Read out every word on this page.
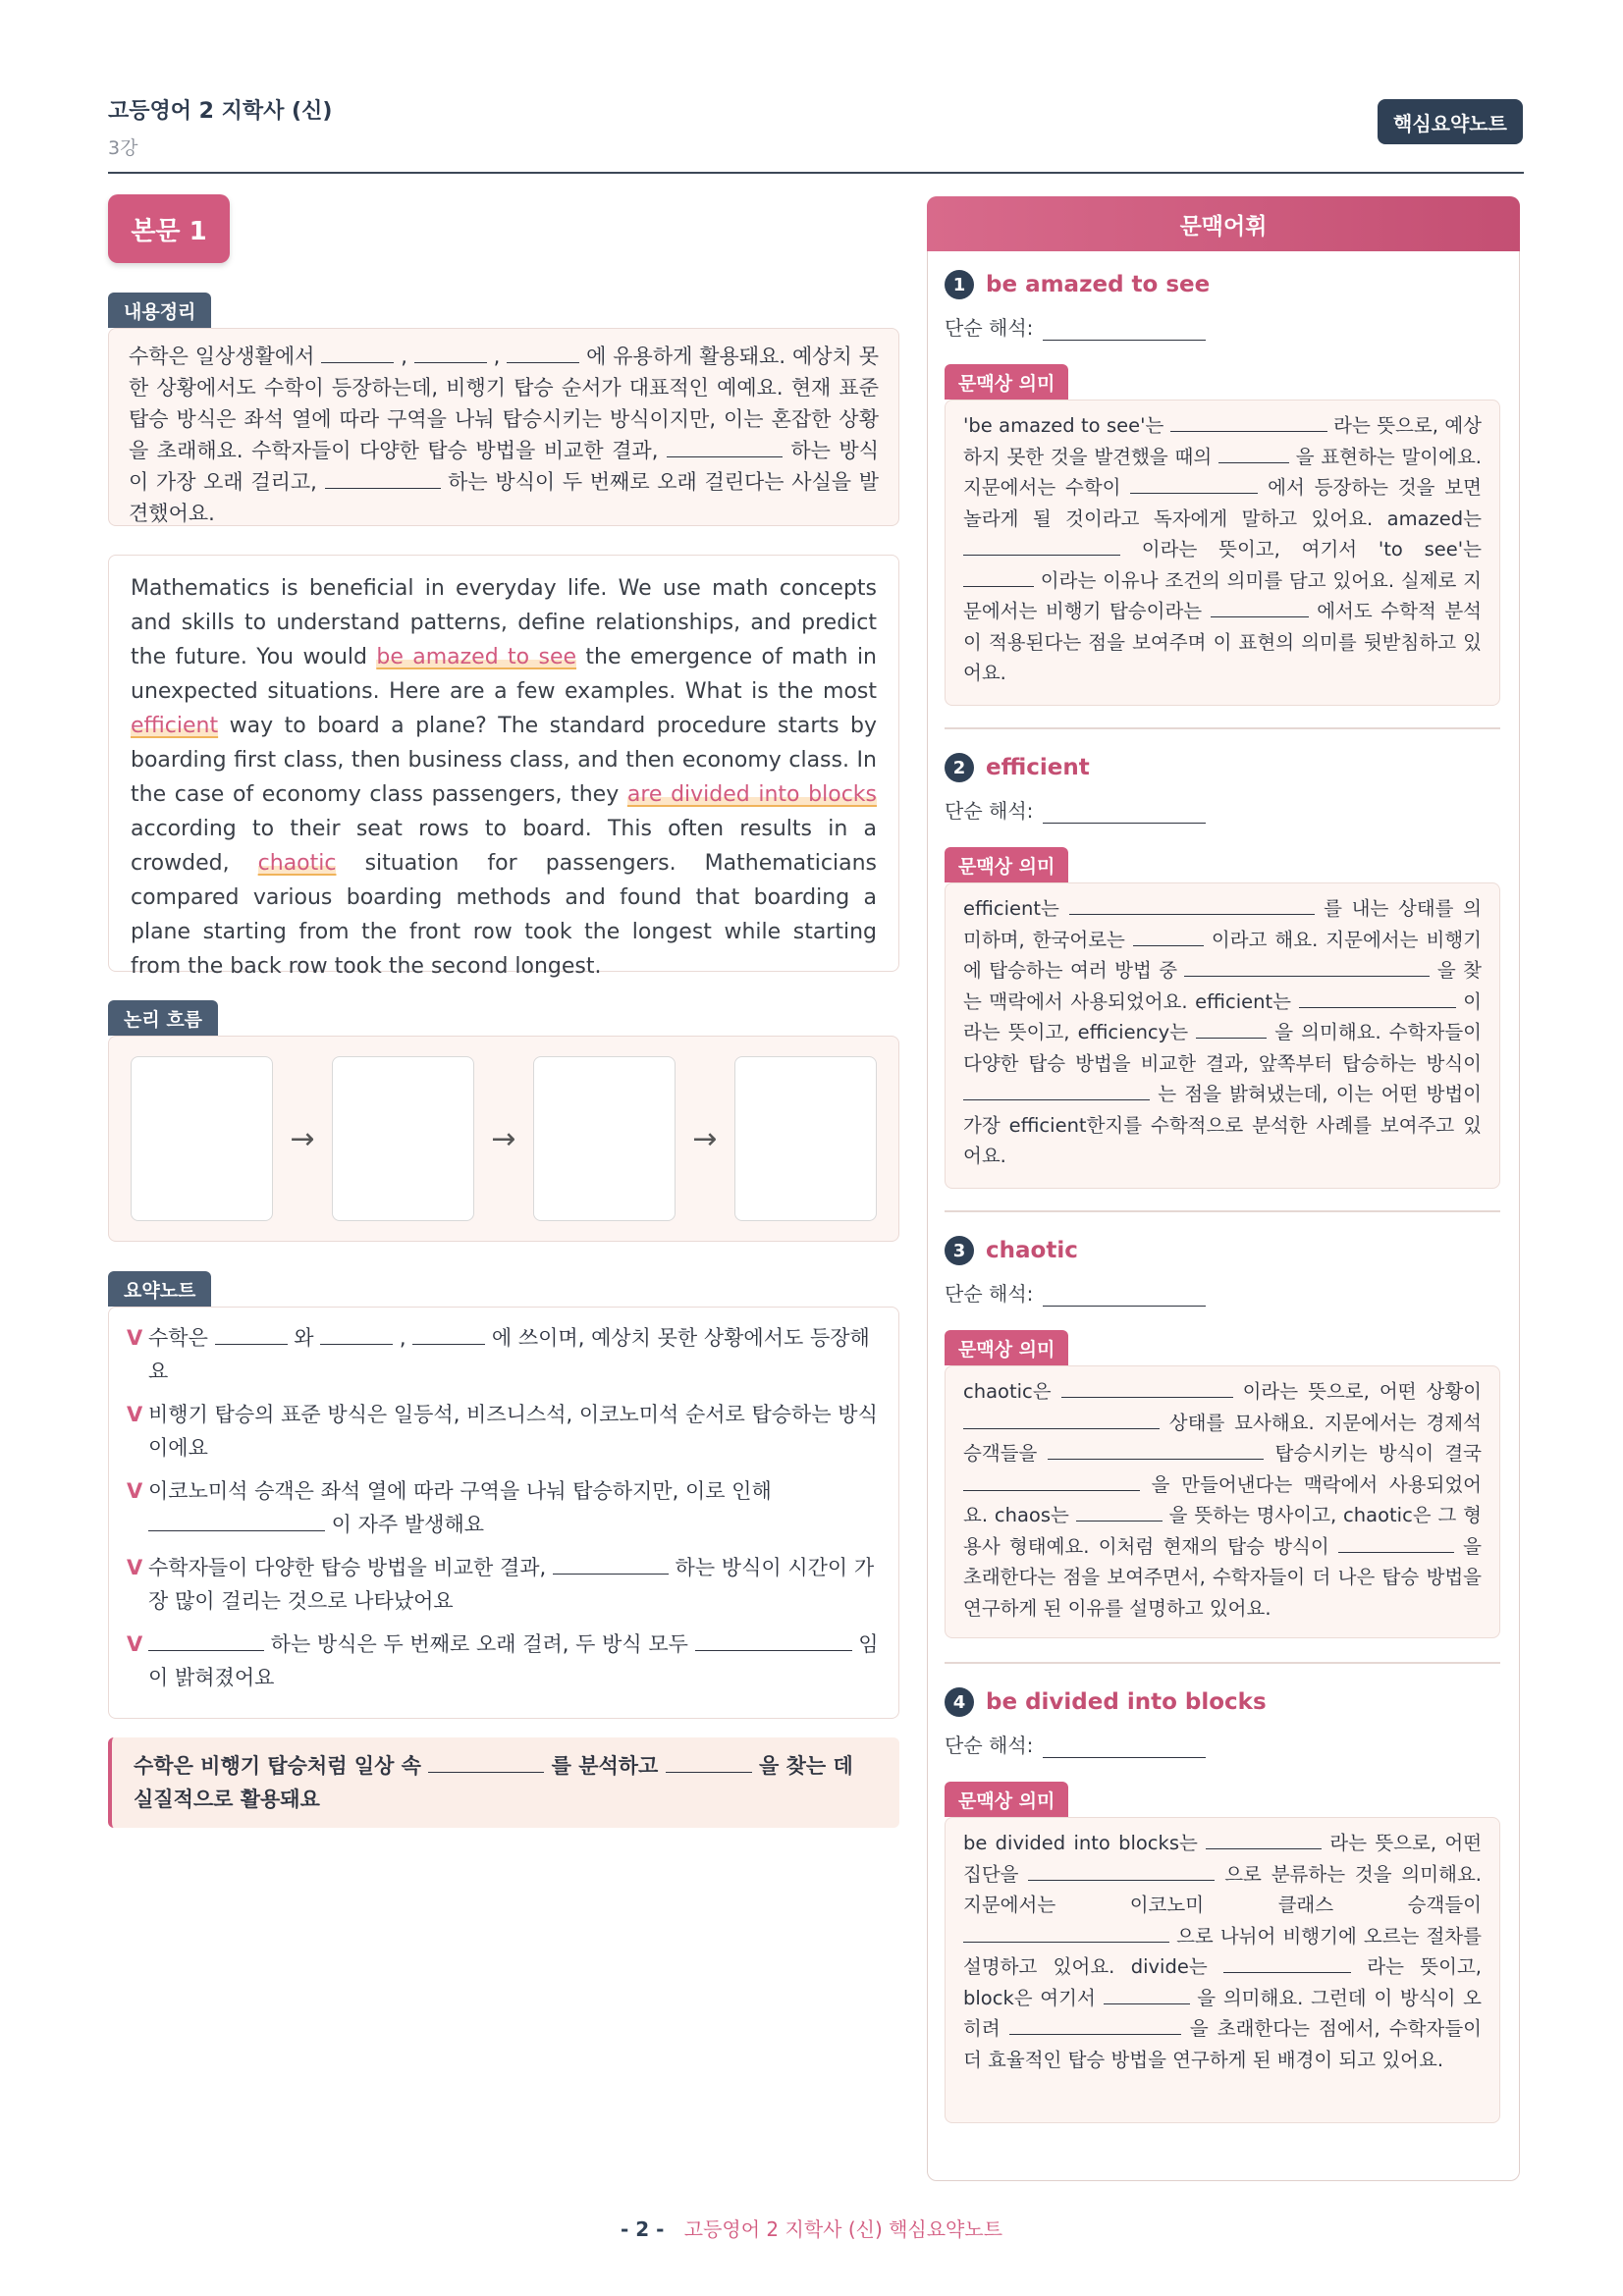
고등영어 2 지학사 (신)
3강
핵심요약노트
본문 1
내용정리
수학은 일상생활에서	,	,	에 유용하게 활용돼요. 예상치 못한 상황에서도 수학이 등장하는데, 비행기 탑승 순서가 대표적인 예예요. 현재 표준 탑승 방식은 좌석 열에 따라 구역을 나눠 탑승시키는 방식이지만, 이는 혼잡한 상황을 초래해요. 수학자들이 다양한 탑승 방법을 비교한 결과,	하는 방식이 가장 오래 걸리고,	하는 방식이 두 번째로 오래 걸린다는 사실을 발견했어요.
Mathematics is beneficial in everyday life. We use math concepts and skills to understand patterns, define relationships, and predict the future. You would be amazed to see the emergence of math in unexpected situations. Here are a few examples. What is the most efficient way to board a plane? The standard procedure starts by boarding first class, then business class, and then economy class. In the case of economy class passengers, they are divided into blocks according to their seat rows to board. This often results in a crowded, chaotic situation for passengers. Mathematicians compared various boarding methods and found that boarding a plane starting from the front row took the longest while starting from the back row took the second longest.
논리 흐름
→	→	→
요약노트
V 수학은	와	,	에 쓰이며, 예상치 못한 상황에서도 등장해요
V 비행기 탑승의 표준 방식은 일등석, 비즈니스석, 이코노미석 순서로 탑승하는 방식이에요
V 이코노미석 승객은 좌석 열에 따라 구역을 나눠 탑승하지만, 이로 인해  이 자주 발생해요
V 수학자들이 다양한 탑승 방법을 비교한 결과,	하는 방식이 시간이 가장 많이 걸리는 것으로 나타났어요
V	하는 방식은 두 번째로 오래 걸려, 두 방식 모두	임이 밝혀졌어요
수학은 비행기 탑승처럼 일상 속	를 분석하고	을 찾는 데 실질적으로 활용돼요
문맥어휘
1 be amazed to see
단순 해석:
문맥상 의미
'be amazed to see'는	라는 뜻으로, 예상하지 못한 것을 발견했을 때의	을 표현하는 말이에요. 지문에서는 수학이	에서 등장하는 것을 보면 놀라게 될 것이라고 독자에게 말하고 있어요. amazed는  이라는 뜻이고, 여기서 'to see'는  이라는 이유나 조건의 의미를 담고 있어요. 실제로 지문에서는 비행기 탑승이라는	에서도 수학적 분석이 적용된다는 점을 보여주며 이 표현의 의미를 뒷받침하고 있어요.
2 efficient
단순 해석:
문맥상 의미
efficient는	를 내는 상태를 의미하며, 한국어로는	이라고 해요. 지문에서는 비행기에 탑승하는 여러 방법 중	을 찾는 맥락에서 사용되었어요. efficient는	이라는 뜻이고, efficiency는	을 의미해요. 수학자들이 다양한 탑승 방법을 비교한 결과, 앞쪽부터 탑승하는 방식이  는 점을 밝혀냈는데, 이는 어떤 방법이 가장 efficient한지를 수학적으로 분석한 사례를 보여주고 있어요.
3 chaotic
단순 해석:
문맥상 의미
chaotic은	이라는 뜻으로, 어떤 상황이  상태를 묘사해요. 지문에서는 경제석 승객들을	탑승시키는 방식이 결국  을 만들어낸다는 맥락에서 사용되었어요. chaos는	을 뜻하는 명사이고, chaotic은 그 형용사 형태예요. 이처럼 현재의 탑승 방식이	을 초래한다는 점을 보여주면서, 수학자들이 더 나은 탑승 방법을 연구하게 된 이유를 설명하고 있어요.
4 be divided into blocks
단순 해석:
문맥상 의미
be divided into blocks는	라는 뜻으로, 어떤 집단을	으로 분류하는 것을 의미해요. 지문에서는 이코노미 클래스 승객들이  으로 나뉘어 비행기에 오르는 절차를 설명하고 있어요. divide는	라는 뜻이고, block은 여기서	을 의미해요. 그런데 이 방식이 오히려	을 초래한다는 점에서, 수학자들이 더 효율적인 탑승 방법을 연구하게 된 배경이 되고 있어요.
- 2 - 고등영어 2 지학사 (신) 핵심요약노트
